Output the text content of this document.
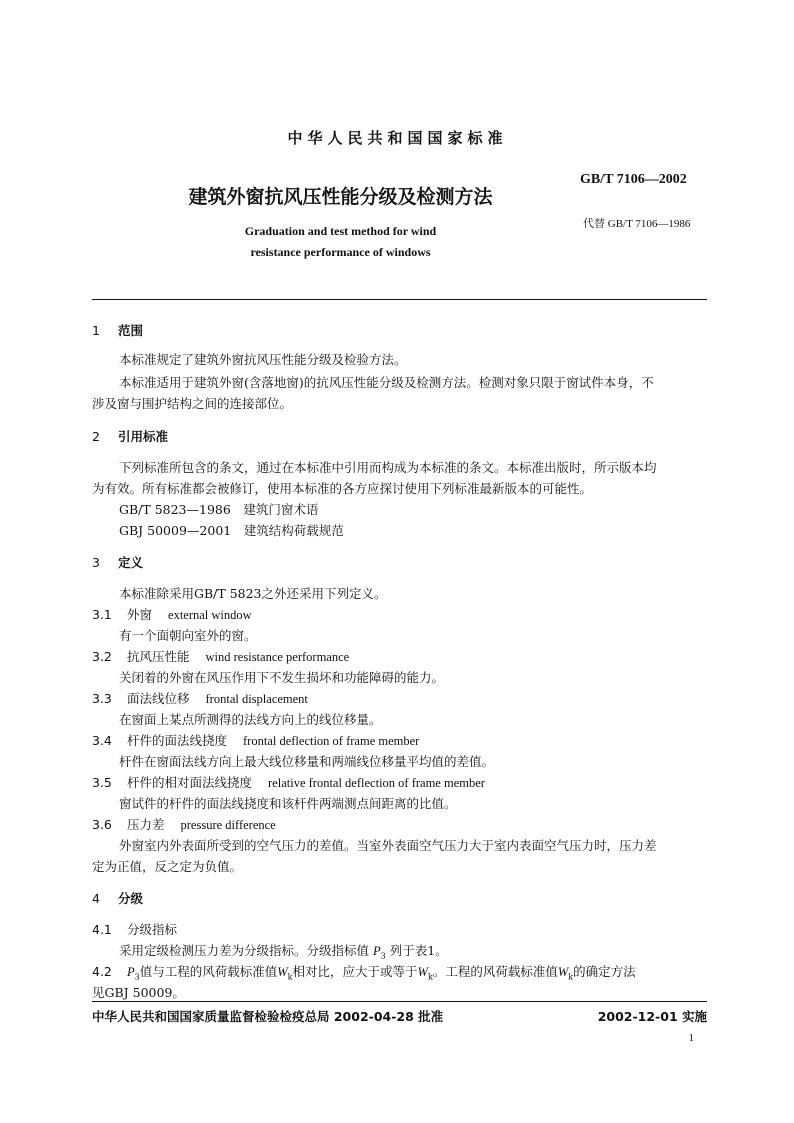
中华人民共和国国家标准
GB/T 7106—2002
建筑外窗抗风压性能分级及检测方法
代替 GB/T 7106—1986
Graduation and test method for wind
resistance performance of windows
1 范围
本标准规定了建筑外窗抗风压性能分级及检验方法。
本标准适用于建筑外窗(含落地窗)的抗风压性能分级及检测方法。检测对象只限于窗试件本身，不
涉及窗与围护结构之间的连接部位。
2 引用标准
下列标准所包含的条文，通过在本标准中引用而构成为本标准的条文。本标准出版时，所示版本均
为有效。所有标准都会被修订，使用本标准的各方应探讨使用下列标准最新版本的可能性。
GB/T 5823—1986　建筑门窗术语
GBJ 50009—2001　建筑结构荷载规范
3 定义
本标准除采用GB/T 5823之外还采用下列定义。
3.1 外窗 external window
有一个面朝向室外的窗。
3.2 抗风压性能 wind resistance performance
关闭着的外窗在风压作用下不发生损坏和功能障碍的能力。
3.3 面法线位移 frontal displacement
在窗面上某点所测得的法线方向上的线位移量。
3.4 杆件的面法线挠度 frontal deflection of frame member
杆件在窗面法线方向上最大线位移量和两端线位移量平均值的差值。
3.5 杆件的相对面法线挠度 relative frontal deflection of frame member
窗试件的杆件的面法线挠度和该杆件两端测点间距离的比值。
3.6 压力差 pressure difference
外窗室内外表面所受到的空气压力的差值。当室外表面空气压力大于室内表面空气压力时，压力差
定为正值，反之定为负值。
4 分级
4.1 分级指标
采用定级检测压力差为分级指标。分级指标值 $P_3$ 列于表1。
4.2 $P_3$值与工程的风荷载标准值$W_k$相对比，应大于或等于$W_k$。工程的风荷载标准值$W_k$的确定方法
见GBJ 50009。
中华人民共和国国家质量监督检验检疫总局 2002-04-28 批准	2002-12-01 实施
1
